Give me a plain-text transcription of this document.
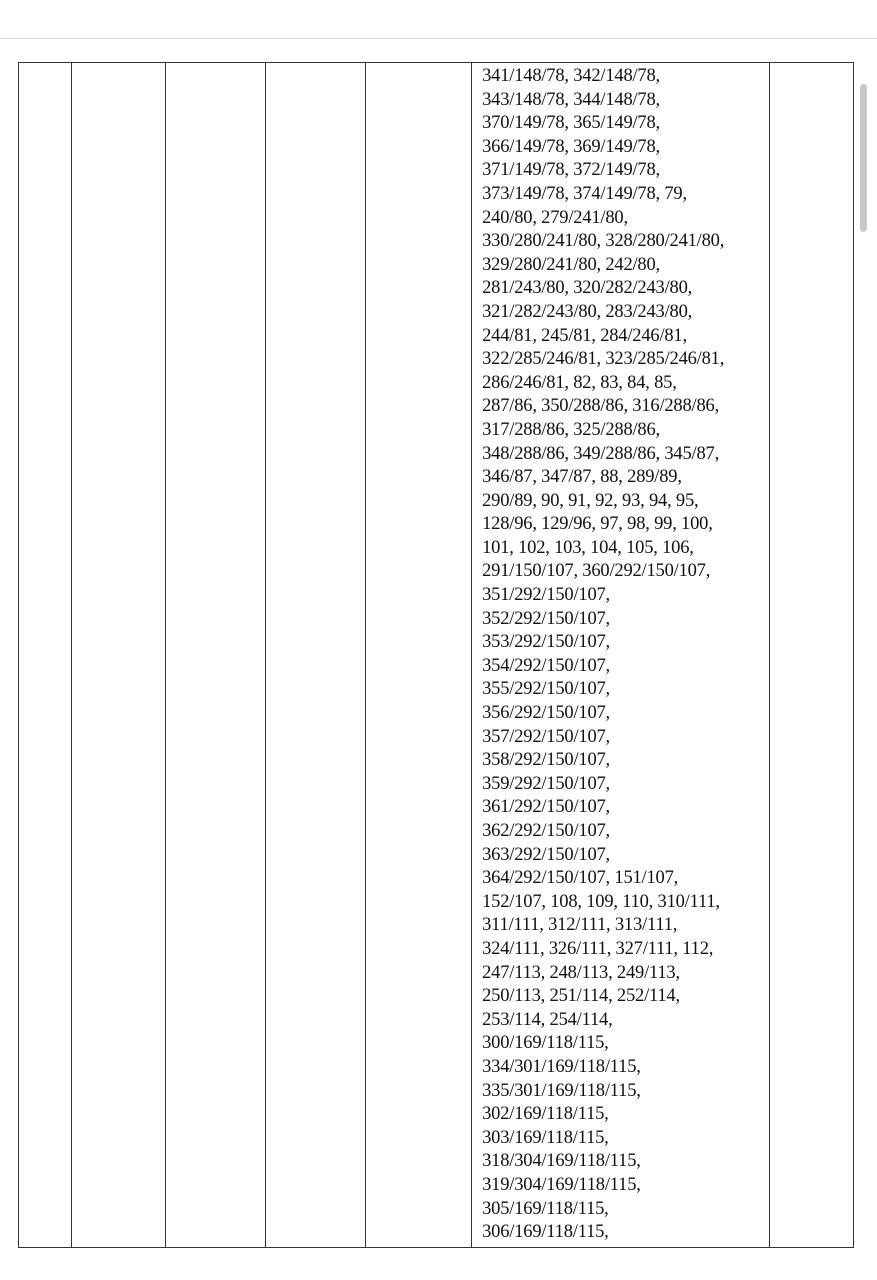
341/148/78, 342/148/78,
343/148/78, 344/148/78,
370/149/78, 365/149/78,
366/149/78, 369/149/78,
371/149/78, 372/149/78,
373/149/78, 374/149/78, 79,
240/80, 279/241/80,
330/280/241/80, 328/280/241/80,
329/280/241/80, 242/80,
281/243/80, 320/282/243/80,
321/282/243/80, 283/243/80,
244/81, 245/81, 284/246/81,
322/285/246/81, 323/285/246/81,
286/246/81, 82, 83, 84, 85,
287/86, 350/288/86, 316/288/86,
317/288/86, 325/288/86,
348/288/86, 349/288/86, 345/87,
346/87, 347/87, 88, 289/89,
290/89, 90, 91, 92, 93, 94, 95,
128/96, 129/96, 97, 98, 99, 100,
101, 102, 103, 104, 105, 106,
291/150/107, 360/292/150/107,
351/292/150/107,
352/292/150/107,
353/292/150/107,
354/292/150/107,
355/292/150/107,
356/292/150/107,
357/292/150/107,
358/292/150/107,
359/292/150/107,
361/292/150/107,
362/292/150/107,
363/292/150/107,
364/292/150/107, 151/107,
152/107, 108, 109, 110, 310/111,
311/111, 312/111, 313/111,
324/111, 326/111, 327/111, 112,
247/113, 248/113, 249/113,
250/113, 251/114, 252/114,
253/114, 254/114,
300/169/118/115,
334/301/169/118/115,
335/301/169/118/115,
302/169/118/115,
303/169/118/115,
318/304/169/118/115,
319/304/169/118/115,
305/169/118/115,
306/169/118/115,
